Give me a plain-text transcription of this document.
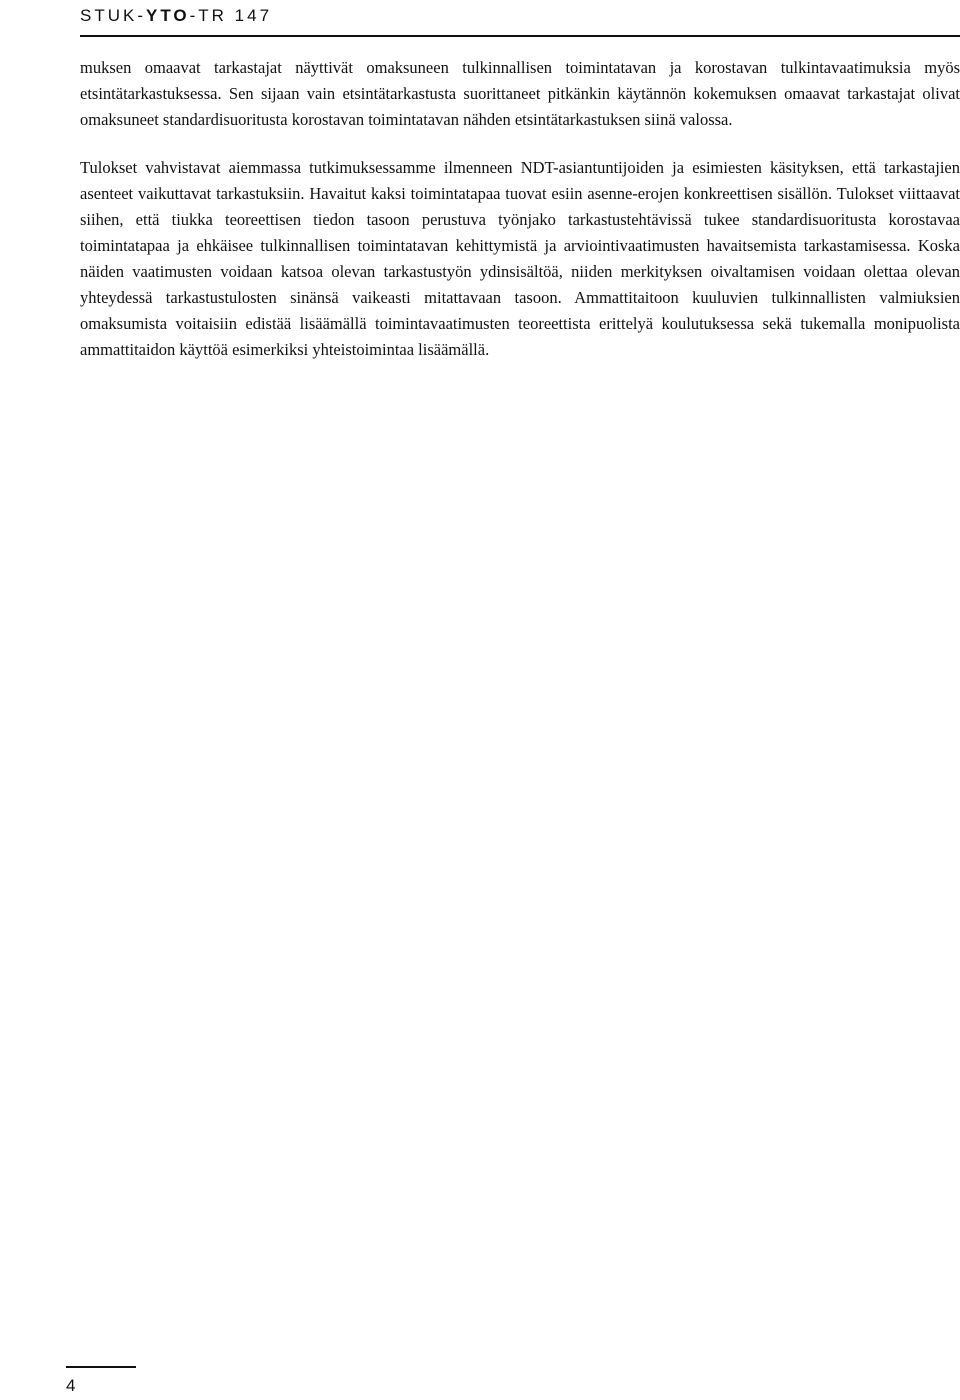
STUK-YTO-TR 147

muksen omaavat tarkastajat näyttivät omaksuneen tulkinnallisen toimintatavan ja korostavan tulkintavaatimuksia myös etsintätarkastuksessa. Sen sijaan vain etsintätarkastusta suorittaneet pitkänkin käytännön kokemuksen omaavat tarkastajat olivat omaksuneet standardisuoritusta korostavan toimintatavan nähden etsintätarkastuksen siinä valossa.

Tulokset vahvistavat aiemmassa tutkimuksessamme ilmenneen NDT-asiantuntijoiden ja esimiesten käsityksen, että tarkastajien asenteet vaikuttavat tarkastuksiin. Havaitut kaksi toimintatapaa tuovat esiin asenne-erojen konkreettisen sisällön. Tulokset viittaavat siihen, että tiukka teoreettisen tiedon tasoon perustuva työnjako tarkastustehtävissä tukee standardisuoritusta korostavaa toimintatapaa ja ehkäisee tulkinnallisen toimintatavan kehittymistä ja arviointivaatimusten havaitsemista tarkastamisessa. Koska näiden vaatimusten voidaan katsoa olevan tarkastustyön ydinsisältöä, niiden merkityksen oivaltamisen voidaan olettaa olevan yhteydessä tarkastustulosten sinänsä vaikeasti mitattavaan tasoon. Ammattitaitoon kuuluvien tulkinnallisten valmiuksien omaksumista voitaisiin edistää lisäämällä toimintavaatimusten teoreettista erittelyä koulutuksessa sekä tukemalla monipuolista ammattitaidon käyttöä esimerkiksi yhteistoimintaa lisäämällä.

4
